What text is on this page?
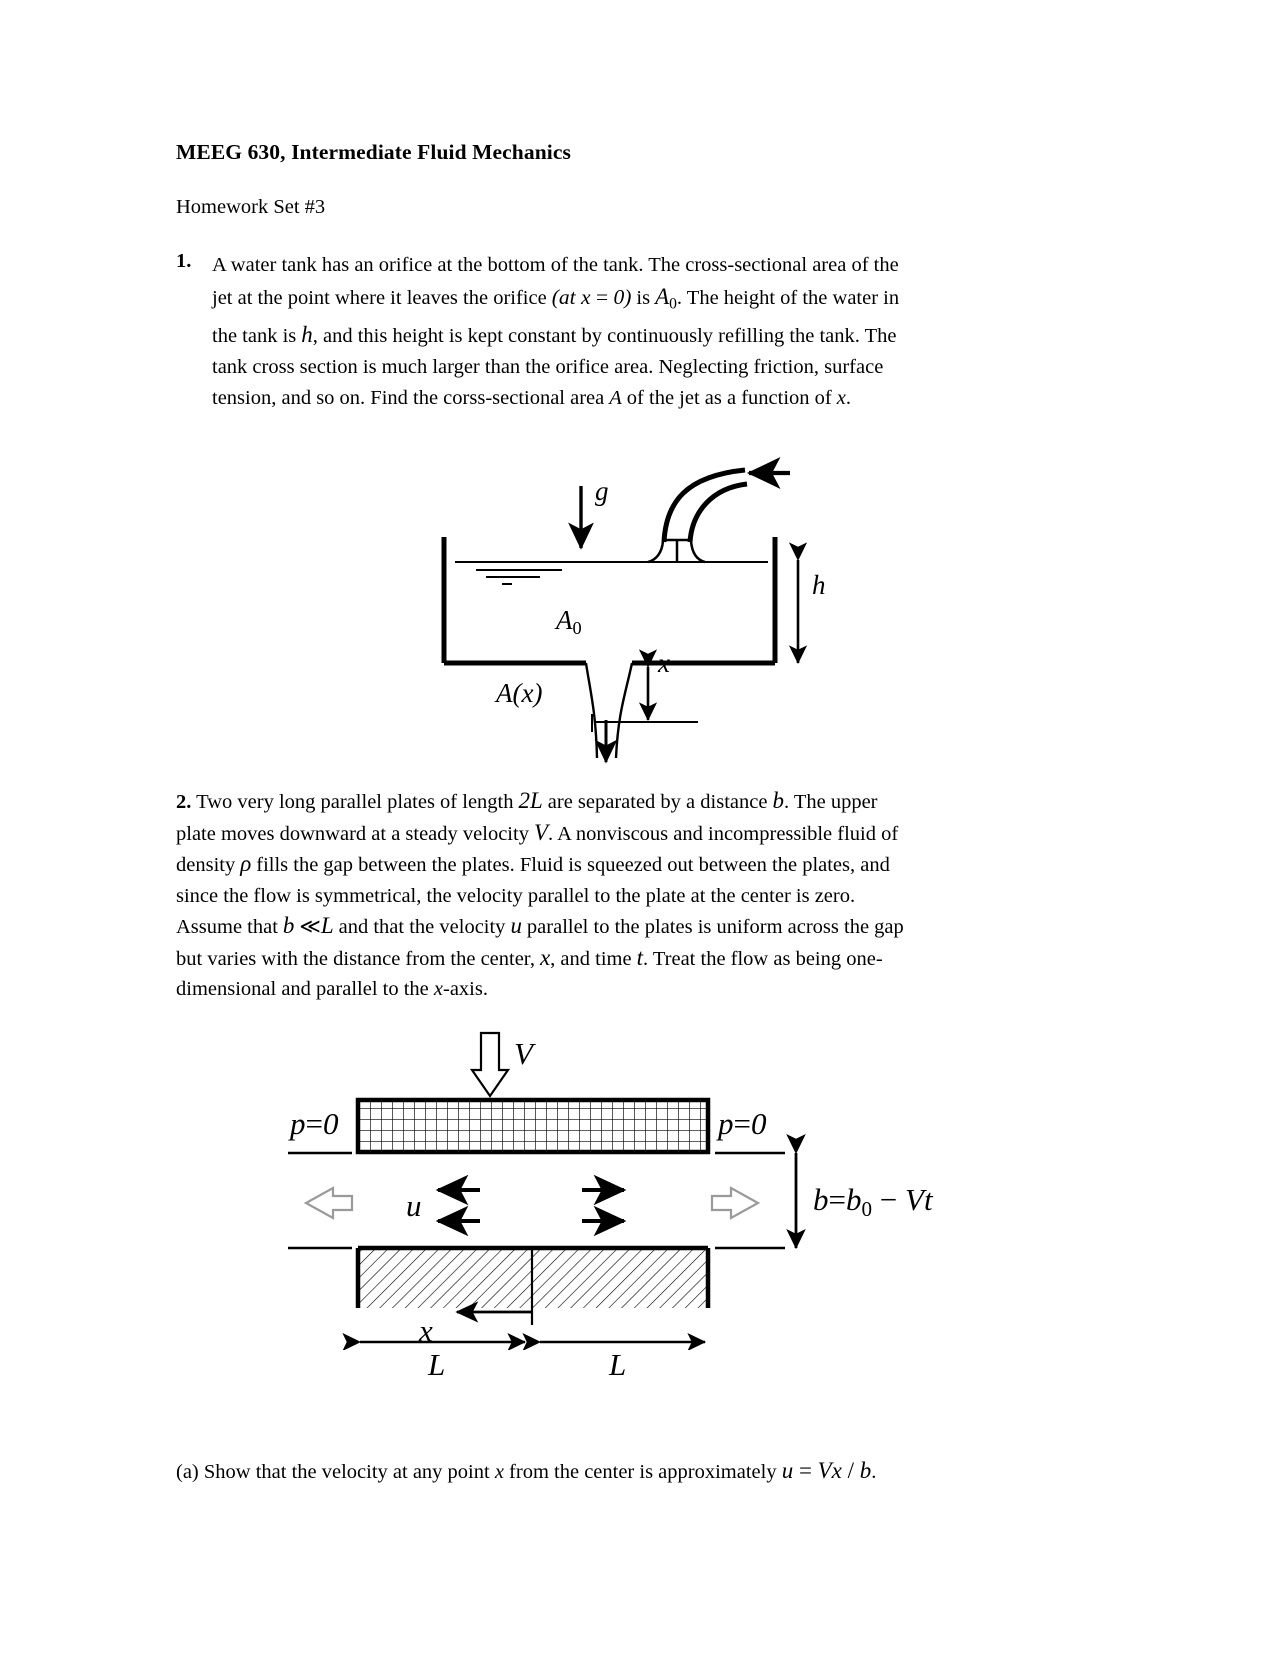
MEEG 630, Intermediate Fluid Mechanics
Homework Set #3
1. A water tank has an orifice at the bottom of the tank. The cross-sectional area of the
jet at the point where it leaves the orifice (at x = 0) is A0. The height of the water in
the tank is h, and this height is kept constant by continuously refilling the tank. The
tank cross section is much larger than the orifice area. Neglecting friction, surface
tension, and so on. Find the corss-sectional area A of the jet as a function of x.
g
h
A0
x
A(x)
2. Two very long parallel plates of length 2L are separated by a distance b. The upper
plate moves downward at a steady velocity V. A nonviscous and incompressible fluid of
density ρ fills the gap between the plates. Fluid is squeezed out between the plates, and
since the flow is symmetrical, the velocity parallel to the plate at the center is zero.
Assume that b ≪L and that the velocity u parallel to the plates is uniform across the gap
but varies with the distance from the center, x, and time t. Treat the flow as being one-
dimensional and parallel to the x-axis.
V
p=0	p=0
u	b=b0 − Vt
x
L	L
(a) Show that the velocity at any point x from the center is approximately u = Vx / b.
